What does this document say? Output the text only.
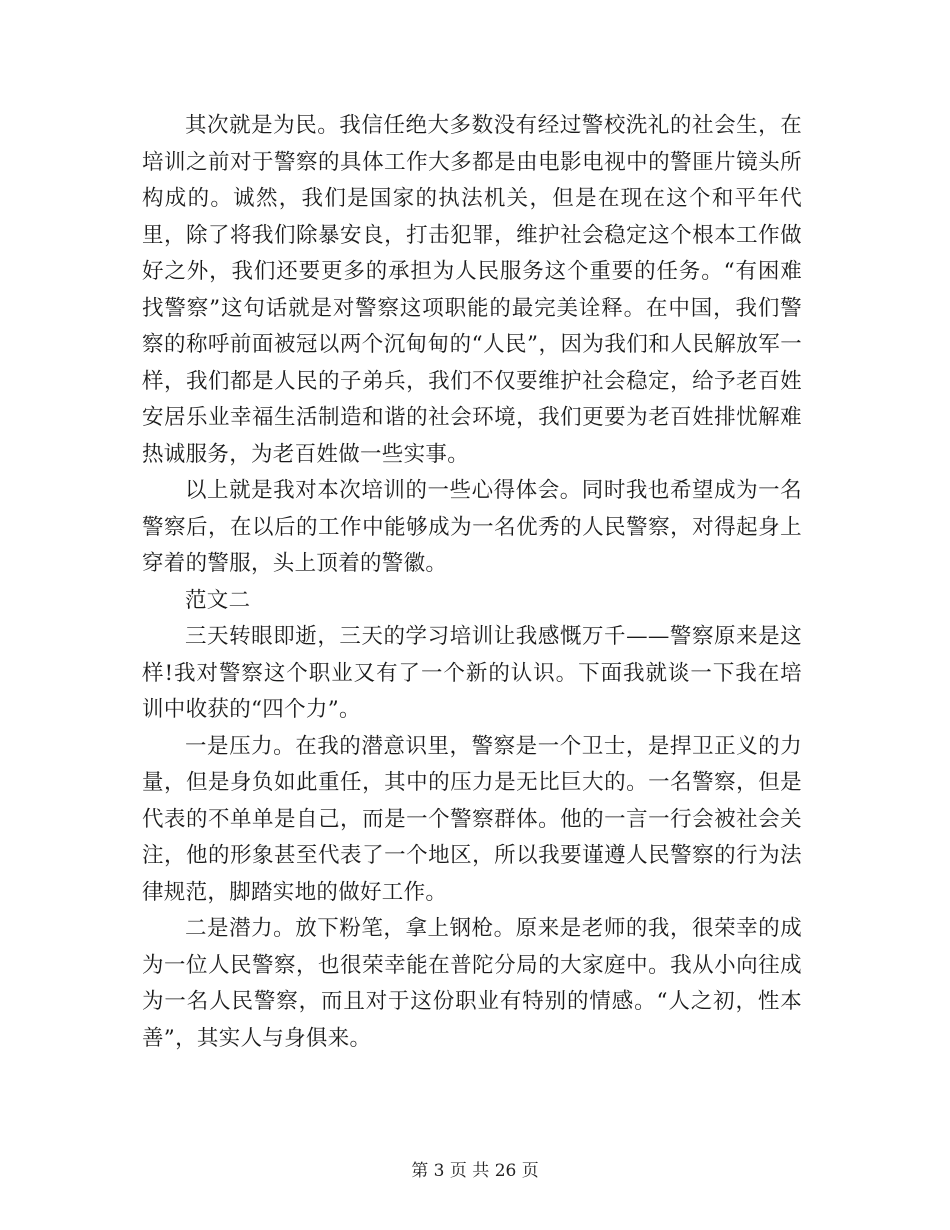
其次就是为民。我信任绝大多数没有经过警校洗礼的社会生，在培训之前对于警察的具体工作大多都是由电影电视中的警匪片镜头所构成的。诚然，我们是国家的执法机关，但是在现在这个和平年代里，除了将我们除暴安良，打击犯罪，维护社会稳定这个根本工作做好之外，我们还要更多的承担为人民服务这个重要的任务。“有困难找警察”这句话就是对警察这项职能的最完美诠释。在中国，我们警察的称呼前面被冠以两个沉甸甸的“人民”，因为我们和人民解放军一样，我们都是人民的子弟兵，我们不仅要维护社会稳定，给予老百姓安居乐业幸福生活制造和谐的社会环境，我们更要为老百姓排忧解难热诚服务，为老百姓做一些实事。

以上就是我对本次培训的一些心得体会。同时我也希望成为一名警察后，在以后的工作中能够成为一名优秀的人民警察，对得起身上穿着的警服，头上顶着的警徽。

范文二

三天转眼即逝，三天的学习培训让我感慨万千——警察原来是这样!我对警察这个职业又有了一个新的认识。下面我就谈一下我在培训中收获的“四个力”。

一是压力。在我的潜意识里，警察是一个卫士，是捍卫正义的力量，但是身负如此重任，其中的压力是无比巨大的。一名警察，但是代表的不单单是自己，而是一个警察群体。他的一言一行会被社会关注，他的形象甚至代表了一个地区，所以我要谨遵人民警察的行为法律规范，脚踏实地的做好工作。

二是潜力。放下粉笔，拿上钢枪。原来是老师的我，很荣幸的成为一位人民警察，也很荣幸能在普陀分局的大家庭中。我从小向往成为一名人民警察，而且对于这份职业有特别的情感。“人之初，性本善”，其实人与身俱来。

第 3 页 共 26 页
